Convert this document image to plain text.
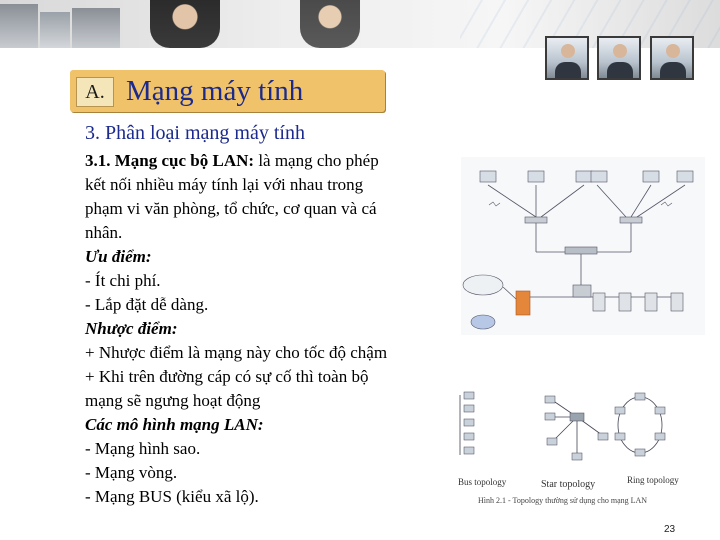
A. Mạng máy tính
3. Phân loại mạng máy tính
3.1. Mạng cục bộ LAN: là mạng cho phép
kết nối nhiều máy tính lại với nhau trong
phạm vi văn phòng, tổ chức, cơ quan và cá
nhân.
Ưu điểm:
- Ít chi phí.
- Lắp đặt dễ dàng.
Nhược điểm:
+ Nhược điểm là mạng này cho tốc độ chậm
+ Khi trên đường cáp có sự cố thì toàn bộ
mạng sẽ ngưng hoạt động
Các mô hình mạng LAN:
- Mạng hình sao.
- Mạng vòng.
- Mạng BUS (kiểu xã lộ).
Bus topology	Star topology	Ring topology
Hình 2.1 - Topology thường sử dụng cho mạng LAN
23
